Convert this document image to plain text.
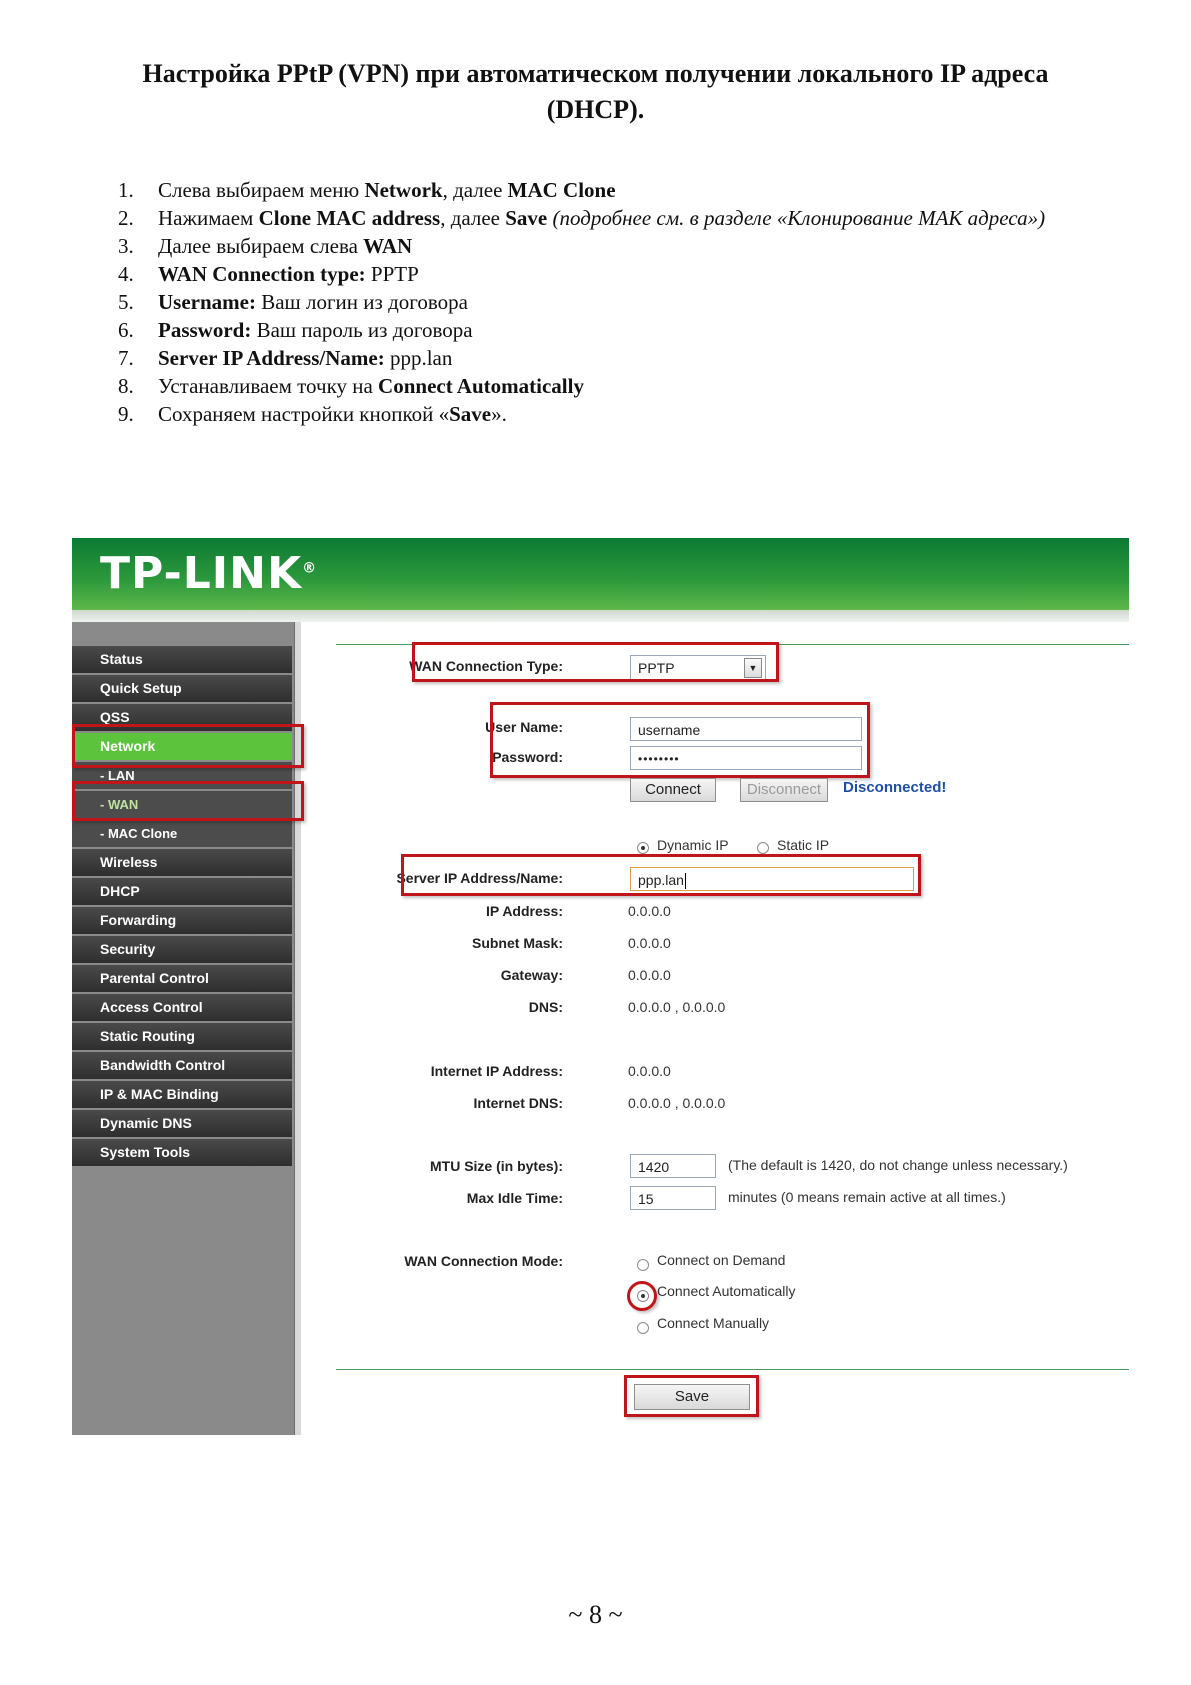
Настройка PPtP (VPN) при автоматическом получении локального IP адреса
(DHCP).
1. Слева выбираем меню Network, далее MAC Clone
2. Нажимаем Clone MAC address, далее Save (подробнее см. в разделе «Клонирование МАК адреса»)
3. Далее выбираем слева WAN
4. WAN Connection type: PPTP
5. Username: Ваш логин из договора
6. Password: Ваш пароль из договора
7. Server IP Address/Name: ppp.lan
8. Устанавливаем точку на Connect Automatically
9. Сохраняем настройки кнопкой «Save».
TP-LINK®
Status
Quick Setup
QSS
Network
- LAN
- WAN
- MAC Clone
Wireless
DHCP
Forwarding
Security
Parental Control
Access Control
Static Routing
Bandwidth Control
IP & MAC Binding
Dynamic DNS
System Tools
WAN Connection Type:	PPTP	▼
User Name:	username
Password:	••••••••
Connect	Disconnect	Disconnected!
Dynamic IP	Static IP
Server IP Address/Name:	ppp.lan
IP Address:	0.0.0.0
Subnet Mask:	0.0.0.0
Gateway:	0.0.0.0
DNS:	0.0.0.0 , 0.0.0.0
Internet IP Address:	0.0.0.0
Internet DNS:	0.0.0.0 , 0.0.0.0
MTU Size (in bytes):	1420	(The default is 1420, do not change unless necessary.)
Max Idle Time:	15	minutes (0 means remain active at all times.)
WAN Connection Mode:	Connect on Demand
Connect Automatically
Connect Manually
Save
~ 8 ~
